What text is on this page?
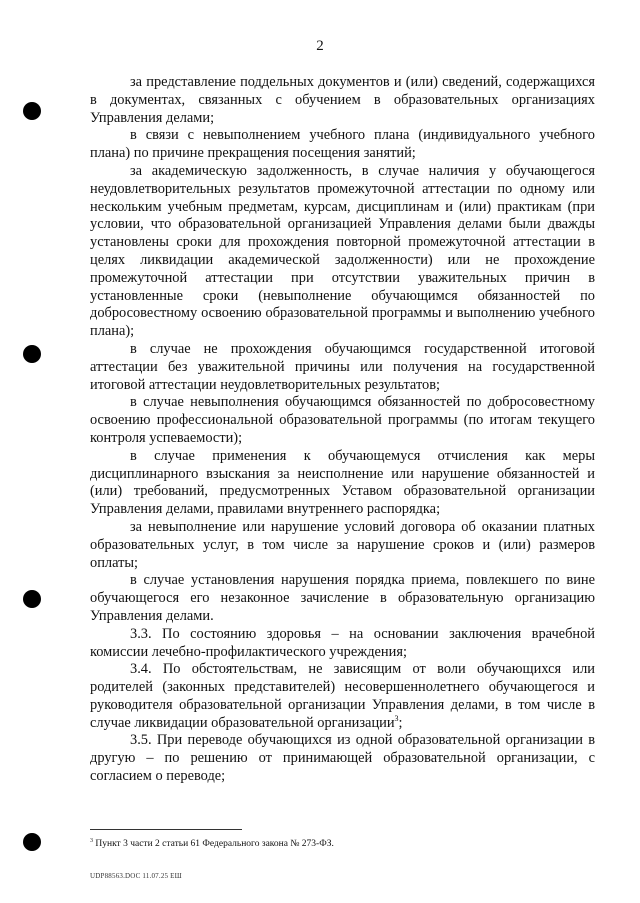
2

за представление поддельных документов и (или) сведений, содержащихся в документах, связанных с обучением в образовательных организациях Управления делами;

в связи с невыполнением учебного плана (индивидуального учебного плана) по причине прекращения посещения занятий;

за академическую задолженность, в случае наличия у обучающегося неудовлетворительных результатов промежуточной аттестации по одному или нескольким учебным предметам, курсам, дисциплинам и (или) практикам (при условии, что образовательной организацией Управления делами были дважды установлены сроки для прохождения повторной промежуточной аттестации в целях ликвидации академической задолженности) или не прохождение промежуточной аттестации при отсутствии уважительных причин в установленные сроки (невыполнение обучающимся обязанностей по добросовестному освоению образовательной программы и выполнению учебного плана);

в случае не прохождения обучающимся государственной итоговой аттестации без уважительной причины или получения на государственной итоговой аттестации неудовлетворительных результатов;

в случае невыполнения обучающимся обязанностей по добросовестному освоению профессиональной образовательной программы (по итогам текущего контроля успеваемости);

в случае применения к обучающемуся отчисления как меры дисциплинарного взыскания за неисполнение или нарушение обязанностей и (или) требований, предусмотренных Уставом образовательной организации Управления делами, правилами внутреннего распорядка;

за невыполнение или нарушение условий договора об оказании платных образовательных услуг, в том числе за нарушение сроков и (или) размеров оплаты;

в случае установления нарушения порядка приема, повлекшего по вине обучающегося его незаконное зачисление в образовательную организацию Управления делами.

3.3. По состоянию здоровья – на основании заключения врачебной комиссии лечебно-профилактического учреждения;

3.4. По обстоятельствам, не зависящим от воли обучающихся или родителей (законных представителей) несовершеннолетнего обучающегося и руководителя образовательной организации Управления делами, в том числе в случае ликвидации образовательной организации$^3$;

3.5. При переводе обучающихся из одной образовательной организации в другую – по решению от принимающей образовательной организации, с согласием о переводе;

$^3$ Пункт 3 части 2 статьи 61 Федерального закона № 273-ФЗ.
UDP88563.DOC 11.07.25 ЕШ
